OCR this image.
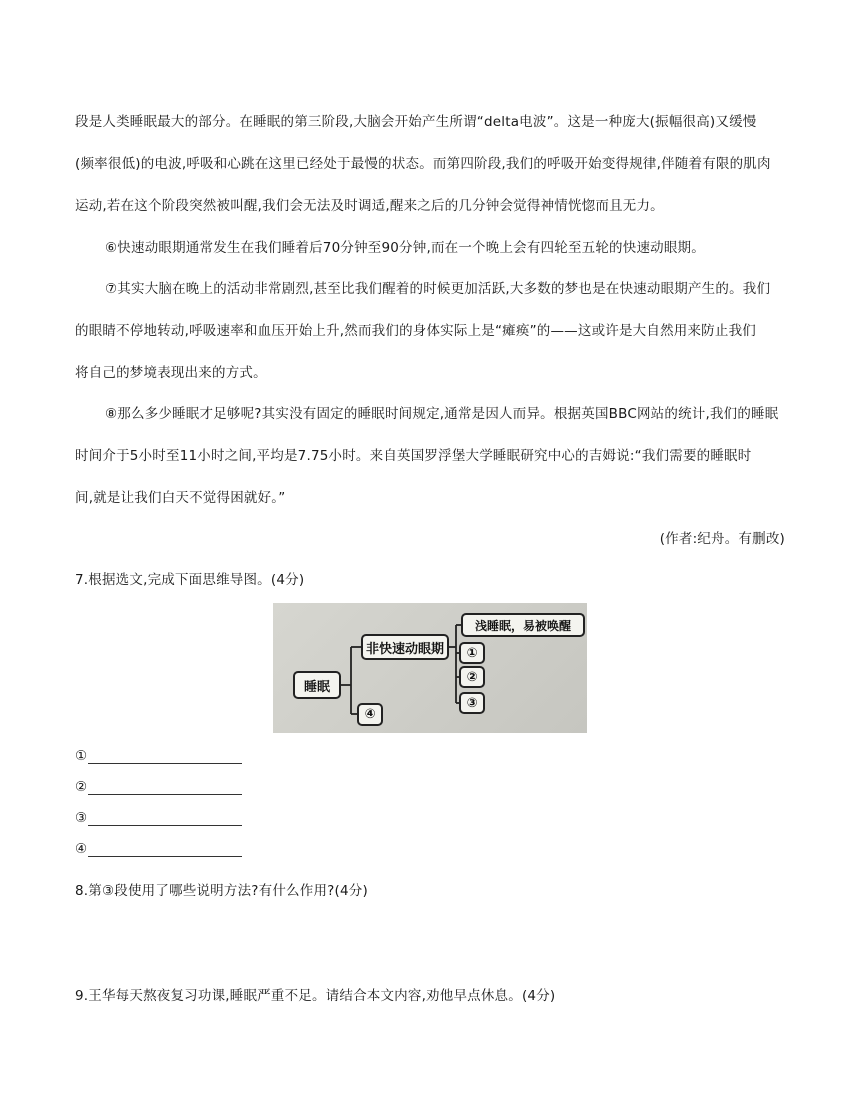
段是人类睡眠最大的部分。在睡眠的第三阶段,大脑会开始产生所谓“delta电波”。这是一种庞大(振幅很高)又缓慢
(频率很低)的电波,呼吸和心跳在这里已经处于最慢的状态。而第四阶段,我们的呼吸开始变得规律,伴随着有限的肌肉
运动,若在这个阶段突然被叫醒,我们会无法及时调适,醒来之后的几分钟会觉得神情恍惚而且无力。
⑥快速动眼期通常发生在我们睡着后70分钟至90分钟,而在一个晚上会有四轮至五轮的快速动眼期。
⑦其实大脑在晚上的活动非常剧烈,甚至比我们醒着的时候更加活跃,大多数的梦也是在快速动眼期产生的。我们
的眼睛不停地转动,呼吸速率和血压开始上升,然而我们的身体实际上是“瘫痪”的——这或许是大自然用来防止我们
将自己的梦境表现出来的方式。
⑧那么多少睡眠才足够呢?其实没有固定的睡眠时间规定,通常是因人而异。根据英国BBC网站的统计,我们的睡眠
时间介于5小时至11小时之间,平均是7.75小时。来自英国罗浮堡大学睡眠研究中心的吉姆说:“我们需要的睡眠时
间,就是让我们白天不觉得困就好。”
(作者:纪舟。有删改)
7.根据选文,完成下面思维导图。(4分)
睡眠
非快速动眼期
④
浅睡眠，易被唤醒
①
②
③
①
②
③
④
8.第③段使用了哪些说明方法?有什么作用?(4分)
9.王华每天熬夜复习功课,睡眠严重不足。请结合本文内容,劝他早点休息。(4分)
